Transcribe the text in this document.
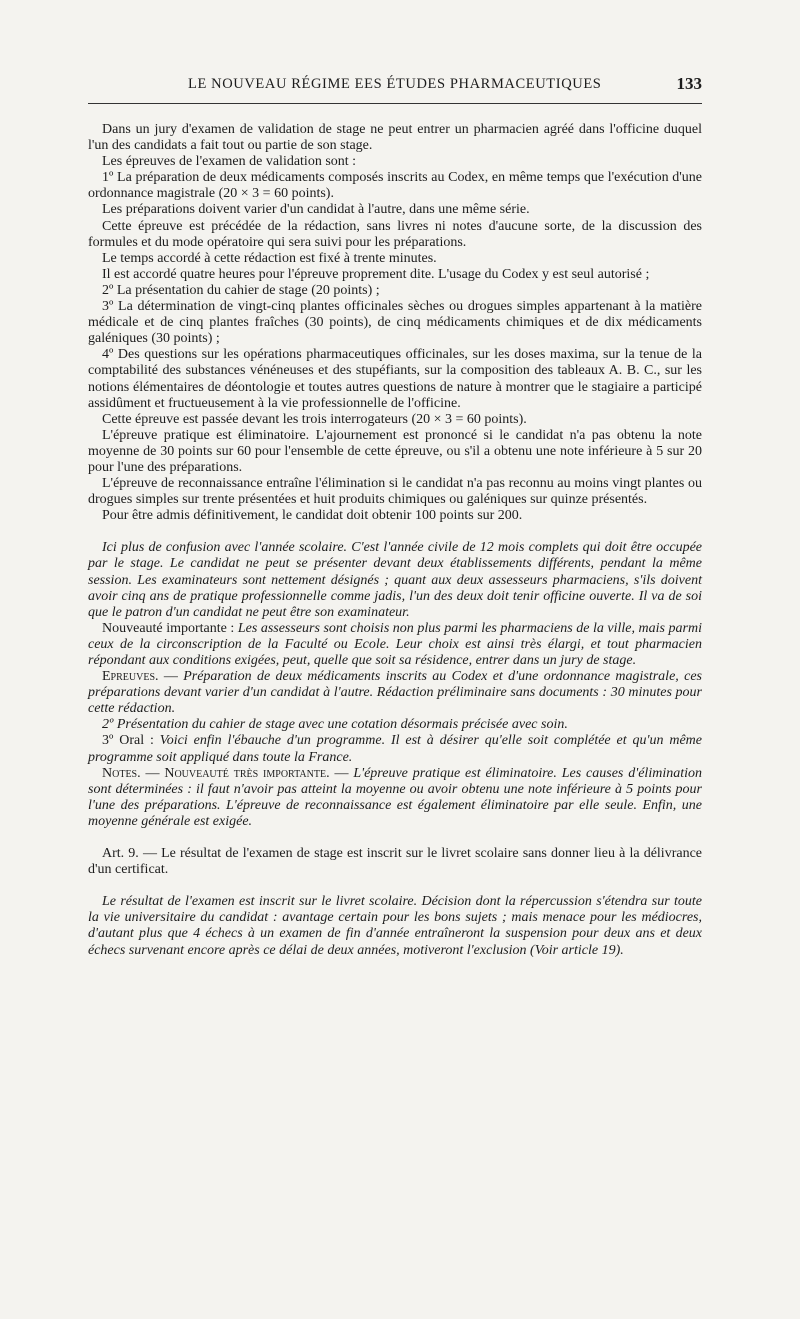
LE NOUVEAU RÉGIME EES ÉTUDES PHARMACEUTIQUES	133

Dans un jury d'examen de validation de stage ne peut entrer un pharmacien agréé dans l'officine duquel l'un des candidats a fait tout ou partie de son stage.

Les épreuves de l'examen de validation sont :

1º La préparation de deux médicaments composés inscrits au Codex, en même temps que l'exécution d'une ordonnance magistrale (20 × 3 = 60 points).

Les préparations doivent varier d'un candidat à l'autre, dans une même série.

Cette épreuve est précédée de la rédaction, sans livres ni notes d'aucune sorte, de la discussion des formules et du mode opératoire qui sera suivi pour les préparations.

Le temps accordé à cette rédaction est fixé à trente minutes.

Il est accordé quatre heures pour l'épreuve proprement dite. L'usage du Codex y est seul autorisé ;

2º La présentation du cahier de stage (20 points) ;

3º La détermination de vingt-cinq plantes officinales sèches ou drogues simples appartenant à la matière médicale et de cinq plantes fraîches (30 points), de cinq médicaments chimiques et de dix médicaments galéniques (30 points) ;

4º Des questions sur les opérations pharmaceutiques officinales, sur les doses maxima, sur la tenue de la comptabilité des substances vénéneuses et des stupéfiants, sur la composition des tableaux A. B. C., sur les notions élémentaires de déontologie et toutes autres questions de nature à montrer que le stagiaire a participé assidûment et fructueusement à la vie professionnelle de l'officine.

Cette épreuve est passée devant les trois interrogateurs (20 × 3 = 60 points).

L'épreuve pratique est éliminatoire. L'ajournement est prononcé si le candidat n'a pas obtenu la note moyenne de 30 points sur 60 pour l'ensemble de cette épreuve, ou s'il a obtenu une note inférieure à 5 sur 20 pour l'une des préparations.

L'épreuve de reconnaissance entraîne l'élimination si le candidat n'a pas reconnu au moins vingt plantes ou drogues simples sur trente présentées et huit produits chimiques ou galéniques sur quinze présentés.

Pour être admis définitivement, le candidat doit obtenir 100 points sur 200.

Ici plus de confusion avec l'année scolaire. C'est l'année civile de 12 mois complets qui doit être occupée par le stage. Le candidat ne peut se présenter devant deux établissements différents, pendant la même session. Les examinateurs sont nettement désignés ; quant aux deux assesseurs pharmaciens, s'ils doivent avoir cinq ans de pratique professionnelle comme jadis, l'un des deux doit tenir officine ouverte. Il va de soi que le patron d'un candidat ne peut être son examinateur.

Nouveauté importante : Les assesseurs sont choisis non plus parmi les pharmaciens de la ville, mais parmi ceux de la circonscription de la Faculté ou Ecole. Leur choix est ainsi très élargi, et tout pharmacien répondant aux conditions exigées, peut, quelle que soit sa résidence, entrer dans un jury de stage.

Epreuves. — Préparation de deux médicaments inscrits au Codex et d'une ordonnance magistrale, ces préparations devant varier d'un candidat à l'autre. Rédaction préliminaire sans documents : 30 minutes pour cette rédaction.

2º Présentation du cahier de stage avec une cotation désormais précisée avec soin.

3º Oral : Voici enfin l'ébauche d'un programme. Il est à désirer qu'elle soit complétée et qu'un même programme soit appliqué dans toute la France.

Notes. — Nouveauté très importante. — L'épreuve pratique est éliminatoire. Les causes d'élimination sont déterminées : il faut n'avoir pas atteint la moyenne ou avoir obtenu une note inférieure à 5 points pour l'une des préparations. L'épreuve de reconnaissance est également éliminatoire par elle seule. Enfin, une moyenne générale est exigée.

Art. 9. — Le résultat de l'examen de stage est inscrit sur le livret scolaire sans donner lieu à la délivrance d'un certificat.

Le résultat de l'examen est inscrit sur le livret scolaire. Décision dont la répercussion s'étendra sur toute la vie universitaire du candidat : avantage certain pour les bons sujets ; mais menace pour les médiocres, d'autant plus que 4 échecs à un examen de fin d'année entraîneront la suspension pour deux ans et deux échecs survenant encore après ce délai de deux années, motiveront l'exclusion (Voir article 19).
